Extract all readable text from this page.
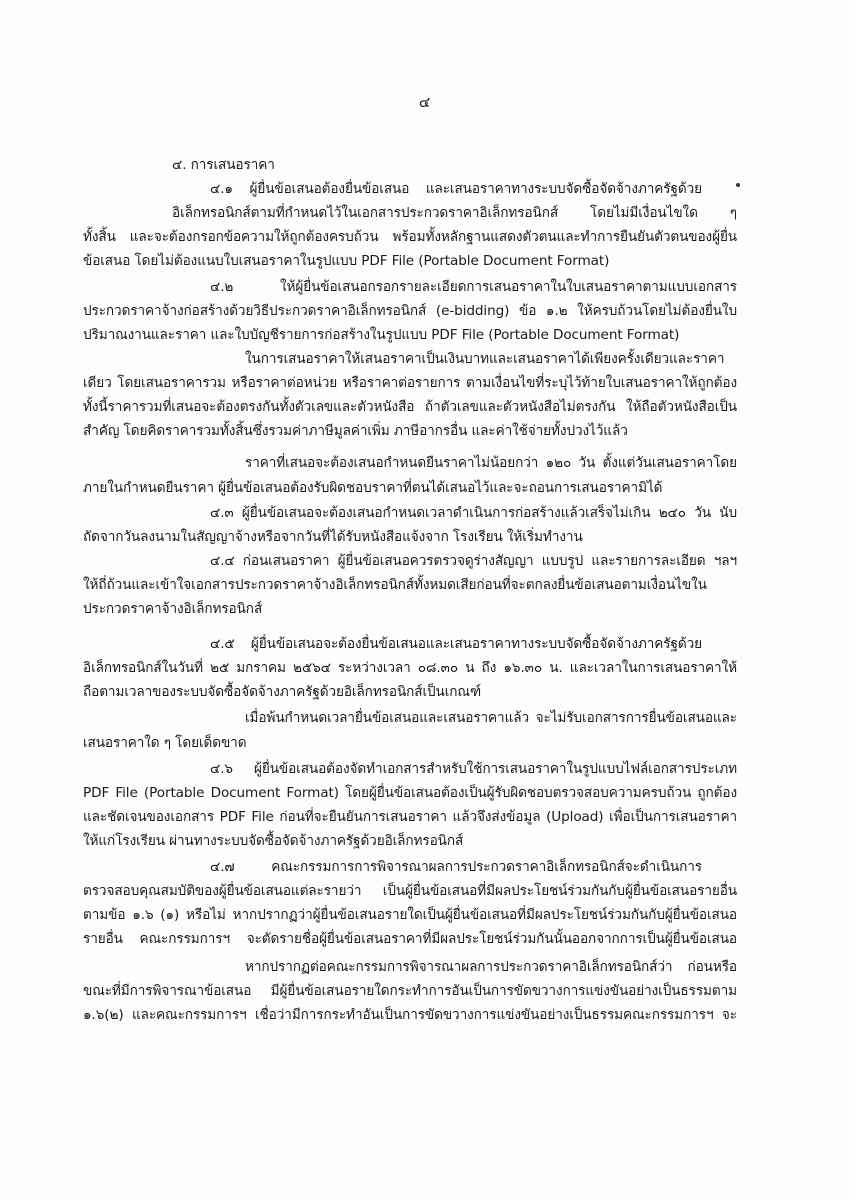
๔
๔. การเสนอราคา
๔.๑ ผู้ยื่นข้อเสนอต้องยื่นข้อเสนอ และเสนอราคาทางระบบจัดซื้อจัดจ้างภาครัฐด้วย
อิเล็กทรอนิกส์ตามที่กำหนดไว้ในเอกสารประกวดราคาอิเล็กทรอนิกส์ โดยไม่มีเงื่อนไขใด ๆ
ทั้งสิ้น และจะต้องกรอกข้อความให้ถูกต้องครบถ้วน พร้อมทั้งหลักฐานแสดงตัวตนและทำการยืนยันตัวตนของผู้ยื่น
ข้อเสนอ โดยไม่ต้องแนบใบเสนอราคาในรูปแบบ PDF File (Portable Document Format)
๔.๒ ให้ผู้ยื่นข้อเสนอกรอกรายละเอียดการเสนอราคาในใบเสนอราคาตามแบบเอกสาร
ประกวดราคาจ้างก่อสร้างด้วยวิธีประกวดราคาอิเล็กทรอนิกส์ (e-bidding) ข้อ ๑.๒ ให้ครบถ้วนโดยไม่ต้องยื่นใบ
ปริมาณงานและราคา และใบบัญชีรายการก่อสร้างในรูปแบบ PDF File (Portable Document Format)
ในการเสนอราคาให้เสนอราคาเป็นเงินบาทและเสนอราคาได้เพียงครั้งเดียวและราคา
เดียว โดยเสนอราคารวม หรือราคาต่อหน่วย หรือราคาต่อรายการ ตามเงื่อนไขที่ระบุไว้ท้ายใบเสนอราคาให้ถูกต้อง
ทั้งนี้ราคารวมที่เสนอจะต้องตรงกันทั้งตัวเลขและตัวหนังสือ ถ้าตัวเลขและตัวหนังสือไม่ตรงกัน ให้ถือตัวหนังสือเป็น
สำคัญ โดยคิดราคารวมทั้งสิ้นซึ่งรวมค่าภาษีมูลค่าเพิ่ม ภาษีอากรอื่น และค่าใช้จ่ายทั้งปวงไว้แล้ว
ราคาที่เสนอจะต้องเสนอกำหนดยืนราคาไม่น้อยกว่า ๑๒๐ วัน ตั้งแต่วันเสนอราคาโดย
ภายในกำหนดยืนราคา ผู้ยื่นข้อเสนอต้องรับผิดชอบราคาที่ตนได้เสนอไว้และจะถอนการเสนอราคามิได้
๔.๓ ผู้ยื่นข้อเสนอจะต้องเสนอกำหนดเวลาดำเนินการก่อสร้างแล้วเสร็จไม่เกิน ๒๔๐ วัน นับ
ถัดจากวันลงนามในสัญญาจ้างหรือจากวันที่ได้รับหนังสือแจ้งจาก โรงเรียน ให้เริ่มทำงาน
๔.๔ ก่อนเสนอราคา ผู้ยื่นข้อเสนอควรตรวจดูร่างสัญญา แบบรูป และรายการละเอียด ฯลฯ
ให้ถี่ถ้วนและเข้าใจเอกสารประกวดราคาจ้างอิเล็กทรอนิกส์ทั้งหมดเสียก่อนที่จะตกลงยื่นข้อเสนอตามเงื่อนไขใน
ประกวดราคาจ้างอิเล็กทรอนิกส์
๔.๕ ผู้ยื่นข้อเสนอจะต้องยื่นข้อเสนอและเสนอราคาทางระบบจัดซื้อจัดจ้างภาครัฐด้วย
อิเล็กทรอนิกส์ในวันที่ ๒๕ มกราคม ๒๕๖๔ ระหว่างเวลา ๐๘.๓๐ น ถึง ๑๖.๓๐ น. และเวลาในการเสนอราคาให้
ถือตามเวลาของระบบจัดซื้อจัดจ้างภาครัฐด้วยอิเล็กทรอนิกส์เป็นเกณฑ์
เมื่อพ้นกำหนดเวลายื่นข้อเสนอและเสนอราคาแล้ว จะไม่รับเอกสารการยื่นข้อเสนอและ
เสนอราคาใด ๆ โดยเด็ดขาด
๔.๖ ผู้ยื่นข้อเสนอต้องจัดทำเอกสารสำหรับใช้การเสนอราคาในรูปแบบไฟล์เอกสารประเภท
PDF File (Portable Document Format) โดยผู้ยื่นข้อเสนอต้องเป็นผู้รับผิดชอบตรวจสอบความครบถ้วน ถูกต้อง
และชัดเจนของเอกสาร PDF File ก่อนที่จะยืนยันการเสนอราคา แล้วจึงส่งข้อมูล (Upload) เพื่อเป็นการเสนอราคา
ให้แก่โรงเรียน ผ่านทางระบบจัดซื้อจัดจ้างภาครัฐด้วยอิเล็กทรอนิกส์
๔.๗ คณะกรรมการการพิจารณาผลการประกวดราคาอิเล็กทรอนิกส์จะดำเนินการ
ตรวจสอบคุณสมบัติของผู้ยื่นข้อเสนอแต่ละรายว่า เป็นผู้ยื่นข้อเสนอที่มีผลประโยชน์ร่วมกันกับผู้ยื่นข้อเสนอรายอื่น
ตามข้อ ๑.๖ (๑) หรือไม่ หากปรากฏว่าผู้ยื่นข้อเสนอรายใดเป็นผู้ยื่นข้อเสนอที่มีผลประโยชน์ร่วมกันกับผู้ยื่นข้อเสนอ
รายอื่น คณะกรรมการฯ จะตัดรายชื่อผู้ยื่นข้อเสนอราคาที่มีผลประโยชน์ร่วมกันนั้นออกจากการเป็นผู้ยื่นข้อเสนอ
หากปรากฏต่อคณะกรรมการพิจารณาผลการประกวดราคาอิเล็กทรอนิกส์ว่า ก่อนหรือ
ขณะที่มีการพิจารณาข้อเสนอ มีผู้ยื่นข้อเสนอรายใดกระทำการอันเป็นการขัดขวางการแข่งขันอย่างเป็นธรรมตาม
๑.๖(๒) และคณะกรรมการฯ เชื่อว่ามีการกระทำอันเป็นการขัดขวางการแข่งขันอย่างเป็นธรรมคณะกรรมการฯ จะ
